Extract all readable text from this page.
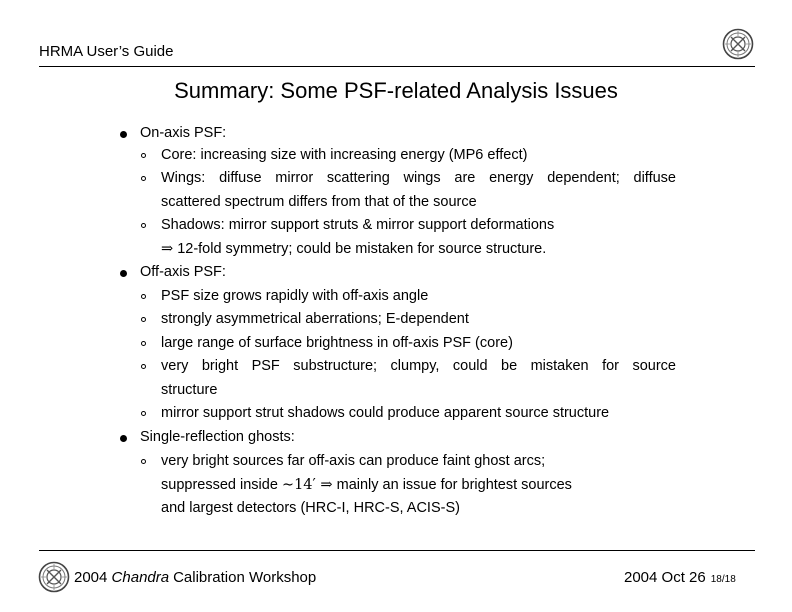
HRMA User’s Guide
Summary: Some PSF-related Analysis Issues
On-axis PSF:
Core: increasing size with increasing energy (MP6 effect)
Wings: diffuse mirror scattering wings are energy dependent; diffuse
scattered spectrum differs from that of the source
Shadows: mirror support struts & mirror support deformations
⇒ 12-fold symmetry; could be mistaken for source structure.
Off-axis PSF:
PSF size grows rapidly with off-axis angle
strongly asymmetrical aberrations; E-dependent
large range of surface brightness in off-axis PSF (core)
very bright PSF substructure; clumpy, could be mistaken for source
structure
mirror support strut shadows could produce apparent source structure
Single-reflection ghosts:
very bright sources far off-axis can produce faint ghost arcs;
suppressed inside ∼14′ ⇒ mainly an issue for brightest sources
and largest detectors (HRC-I, HRC-S, ACIS-S)
2004 Chandra Calibration Workshop	2004 Oct 26 18/18
